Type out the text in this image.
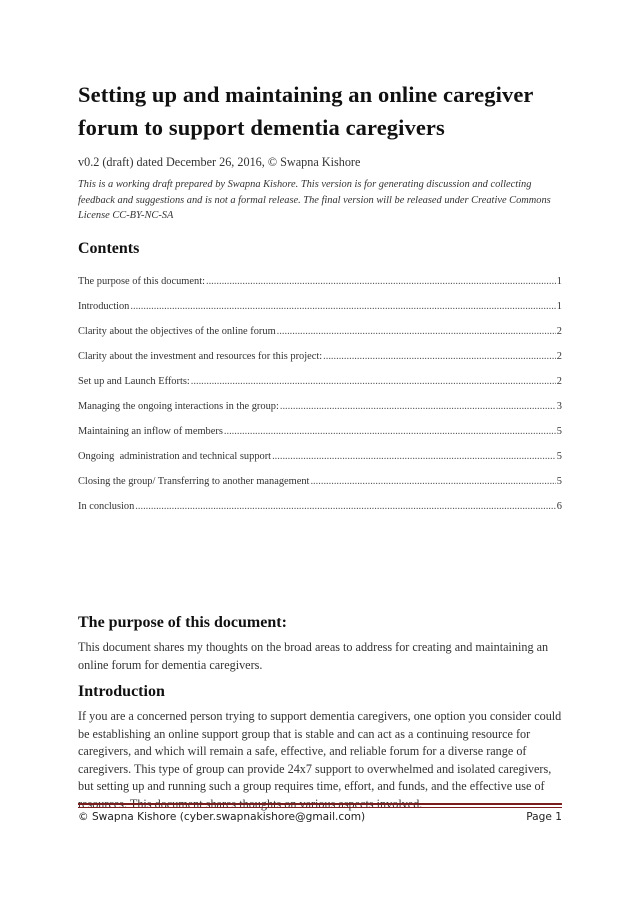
Setting up and maintaining an online caregiver forum to support dementia caregivers
v0.2 (draft) dated December 26, 2016, © Swapna Kishore
This is a working draft prepared by Swapna Kishore. This version is for generating discussion and collecting feedback and suggestions and is not a formal release. The final version will be released under Creative Commons License CC-BY-NC-SA
Contents
The purpose of this document: .....	1
Introduction .....	1
Clarity about the objectives of the online forum .....	2
Clarity about the investment and resources for this project: .....	2
Set up and Launch Efforts: .....	2
Managing the ongoing interactions in the group: .....	3
Maintaining an inflow of members .....	5
Ongoing  administration and technical support .....	5
Closing the group/ Transferring to another management .....	5
In conclusion .....	6
The purpose of this document:

This document shares my thoughts on the broad areas to address for creating and maintaining an online forum for dementia caregivers.

Introduction

If you are a concerned person trying to support dementia caregivers, one option you consider could be establishing an online support group that is stable and can act as a continuing resource for caregivers, and which will remain a safe, effective, and reliable forum for a diverse range of caregivers. This type of group can provide 24x7 support to overwhelmed and isolated caregivers, but setting up and running such a group requires time, effort, and funds, and the effective use of

© Swapna Kishore (cyber.swapnakishore@gmail.com)	Page 1
